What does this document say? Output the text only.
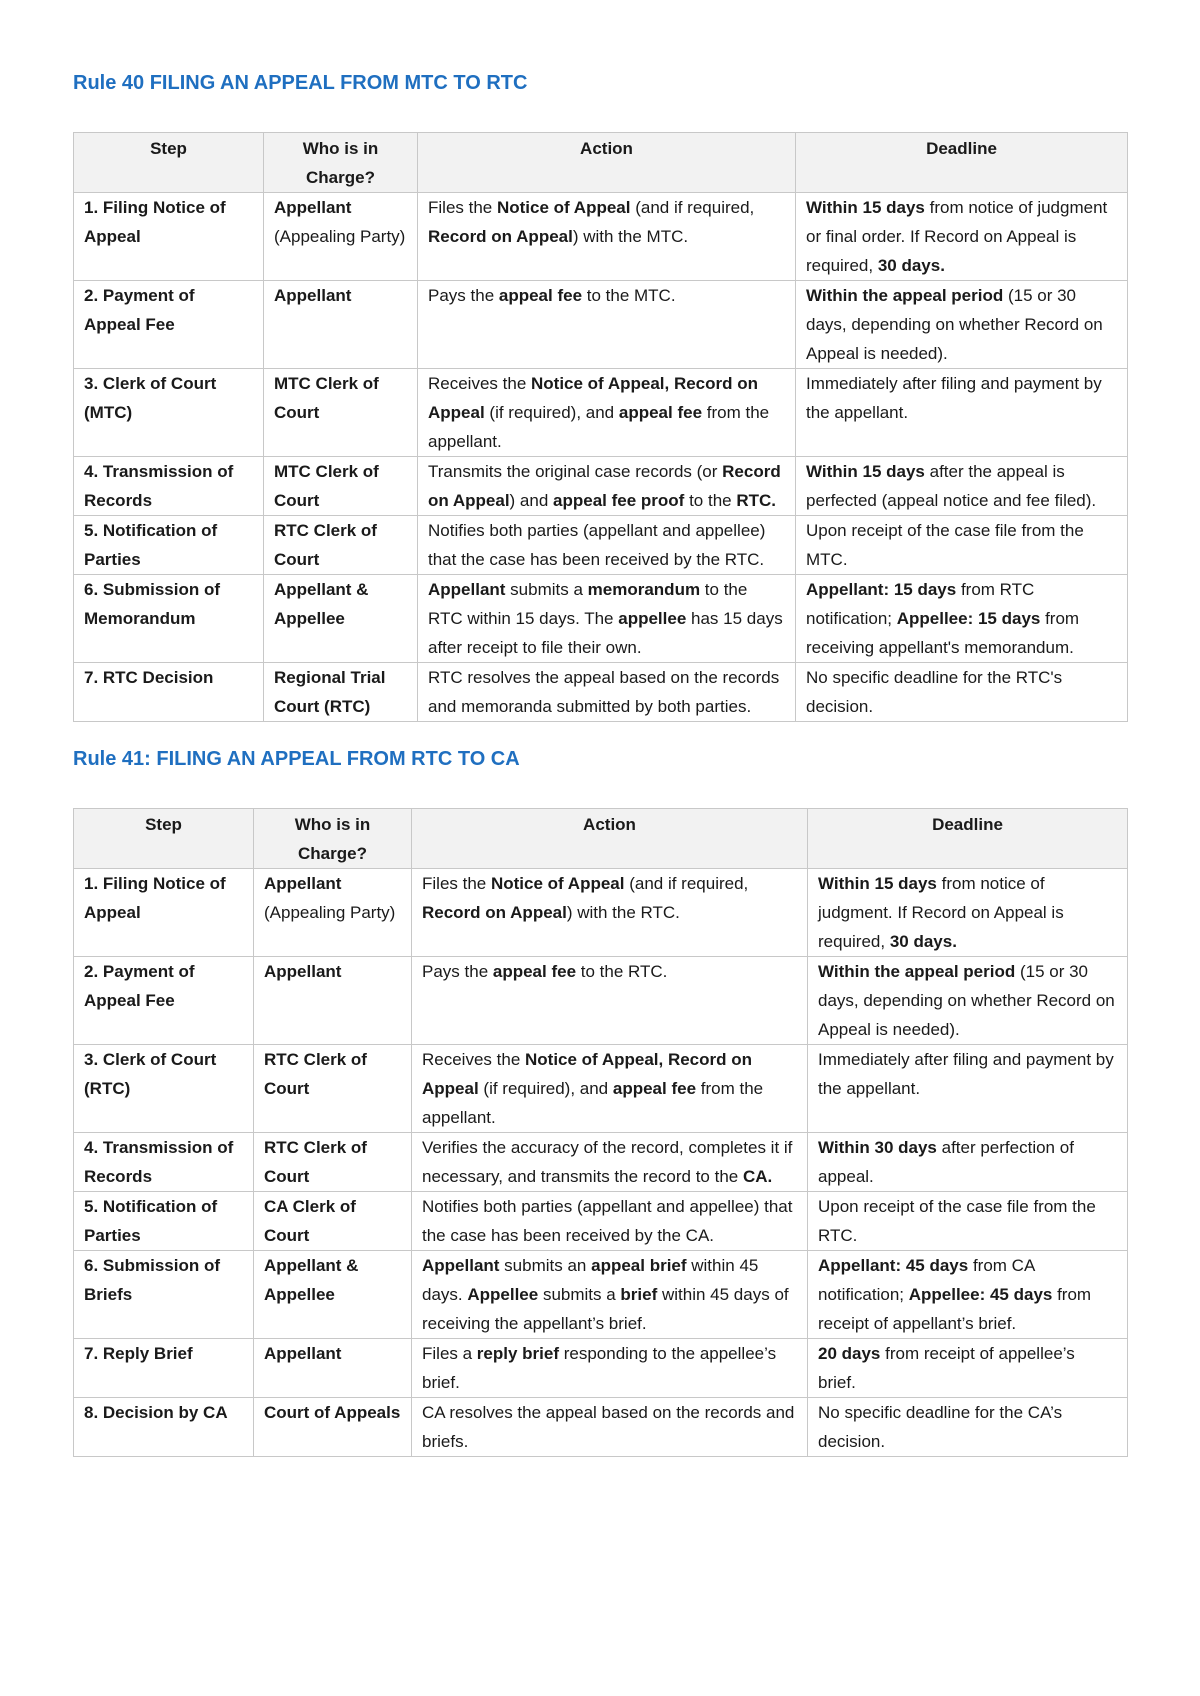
Rule 40 FILING AN APPEAL FROM MTC TO RTC
Step	Who is in Charge?	Action	Deadline
1. Filing Notice of Appeal	Appellant (Appealing Party)	Files the Notice of Appeal (and if required, Record on Appeal) with the MTC.	Within 15 days from notice of judgment or final order. If Record on Appeal is required, 30 days.
2. Payment of Appeal Fee	Appellant	Pays the appeal fee to the MTC.	Within the appeal period (15 or 30 days, depending on whether Record on Appeal is needed).
3. Clerk of Court (MTC)	MTC Clerk of Court	Receives the Notice of Appeal, Record on Appeal (if required), and appeal fee from the appellant.	Immediately after filing and payment by the appellant.
4. Transmission of Records	MTC Clerk of Court	Transmits the original case records (or Record on Appeal) and appeal fee proof to the RTC.	Within 15 days after the appeal is perfected (appeal notice and fee filed).
5. Notification of Parties	RTC Clerk of Court	Notifies both parties (appellant and appellee) that the case has been received by the RTC.	Upon receipt of the case file from the MTC.
6. Submission of Memorandum	Appellant & Appellee	Appellant submits a memorandum to the RTC within 15 days. The appellee has 15 days after receipt to file their own.	Appellant: 15 days from RTC notification; Appellee: 15 days from receiving appellant's memorandum.
7. RTC Decision	Regional Trial Court (RTC)	RTC resolves the appeal based on the records and memoranda submitted by both parties.	No specific deadline for the RTC's decision.
Rule 41: FILING AN APPEAL FROM RTC TO CA
Step	Who is in Charge?	Action	Deadline
1. Filing Notice of Appeal	Appellant (Appealing Party)	Files the Notice of Appeal (and if required, Record on Appeal) with the RTC.	Within 15 days from notice of judgment. If Record on Appeal is required, 30 days.
2. Payment of Appeal Fee	Appellant	Pays the appeal fee to the RTC.	Within the appeal period (15 or 30 days, depending on whether Record on Appeal is needed).
3. Clerk of Court (RTC)	RTC Clerk of Court	Receives the Notice of Appeal, Record on Appeal (if required), and appeal fee from the appellant.	Immediately after filing and payment by the appellant.
4. Transmission of Records	RTC Clerk of Court	Verifies the accuracy of the record, completes it if necessary, and transmits the record to the CA.	Within 30 days after perfection of appeal.
5. Notification of Parties	CA Clerk of Court	Notifies both parties (appellant and appellee) that the case has been received by the CA.	Upon receipt of the case file from the RTC.
6. Submission of Briefs	Appellant & Appellee	Appellant submits an appeal brief within 45 days. Appellee submits a brief within 45 days of receiving the appellant’s brief.	Appellant: 45 days from CA notification; Appellee: 45 days from receipt of appellant’s brief.
7. Reply Brief	Appellant	Files a reply brief responding to the appellee’s brief.	20 days from receipt of appellee’s brief.
8. Decision by CA	Court of Appeals	CA resolves the appeal based on the records and briefs.	No specific deadline for the CA’s decision.
